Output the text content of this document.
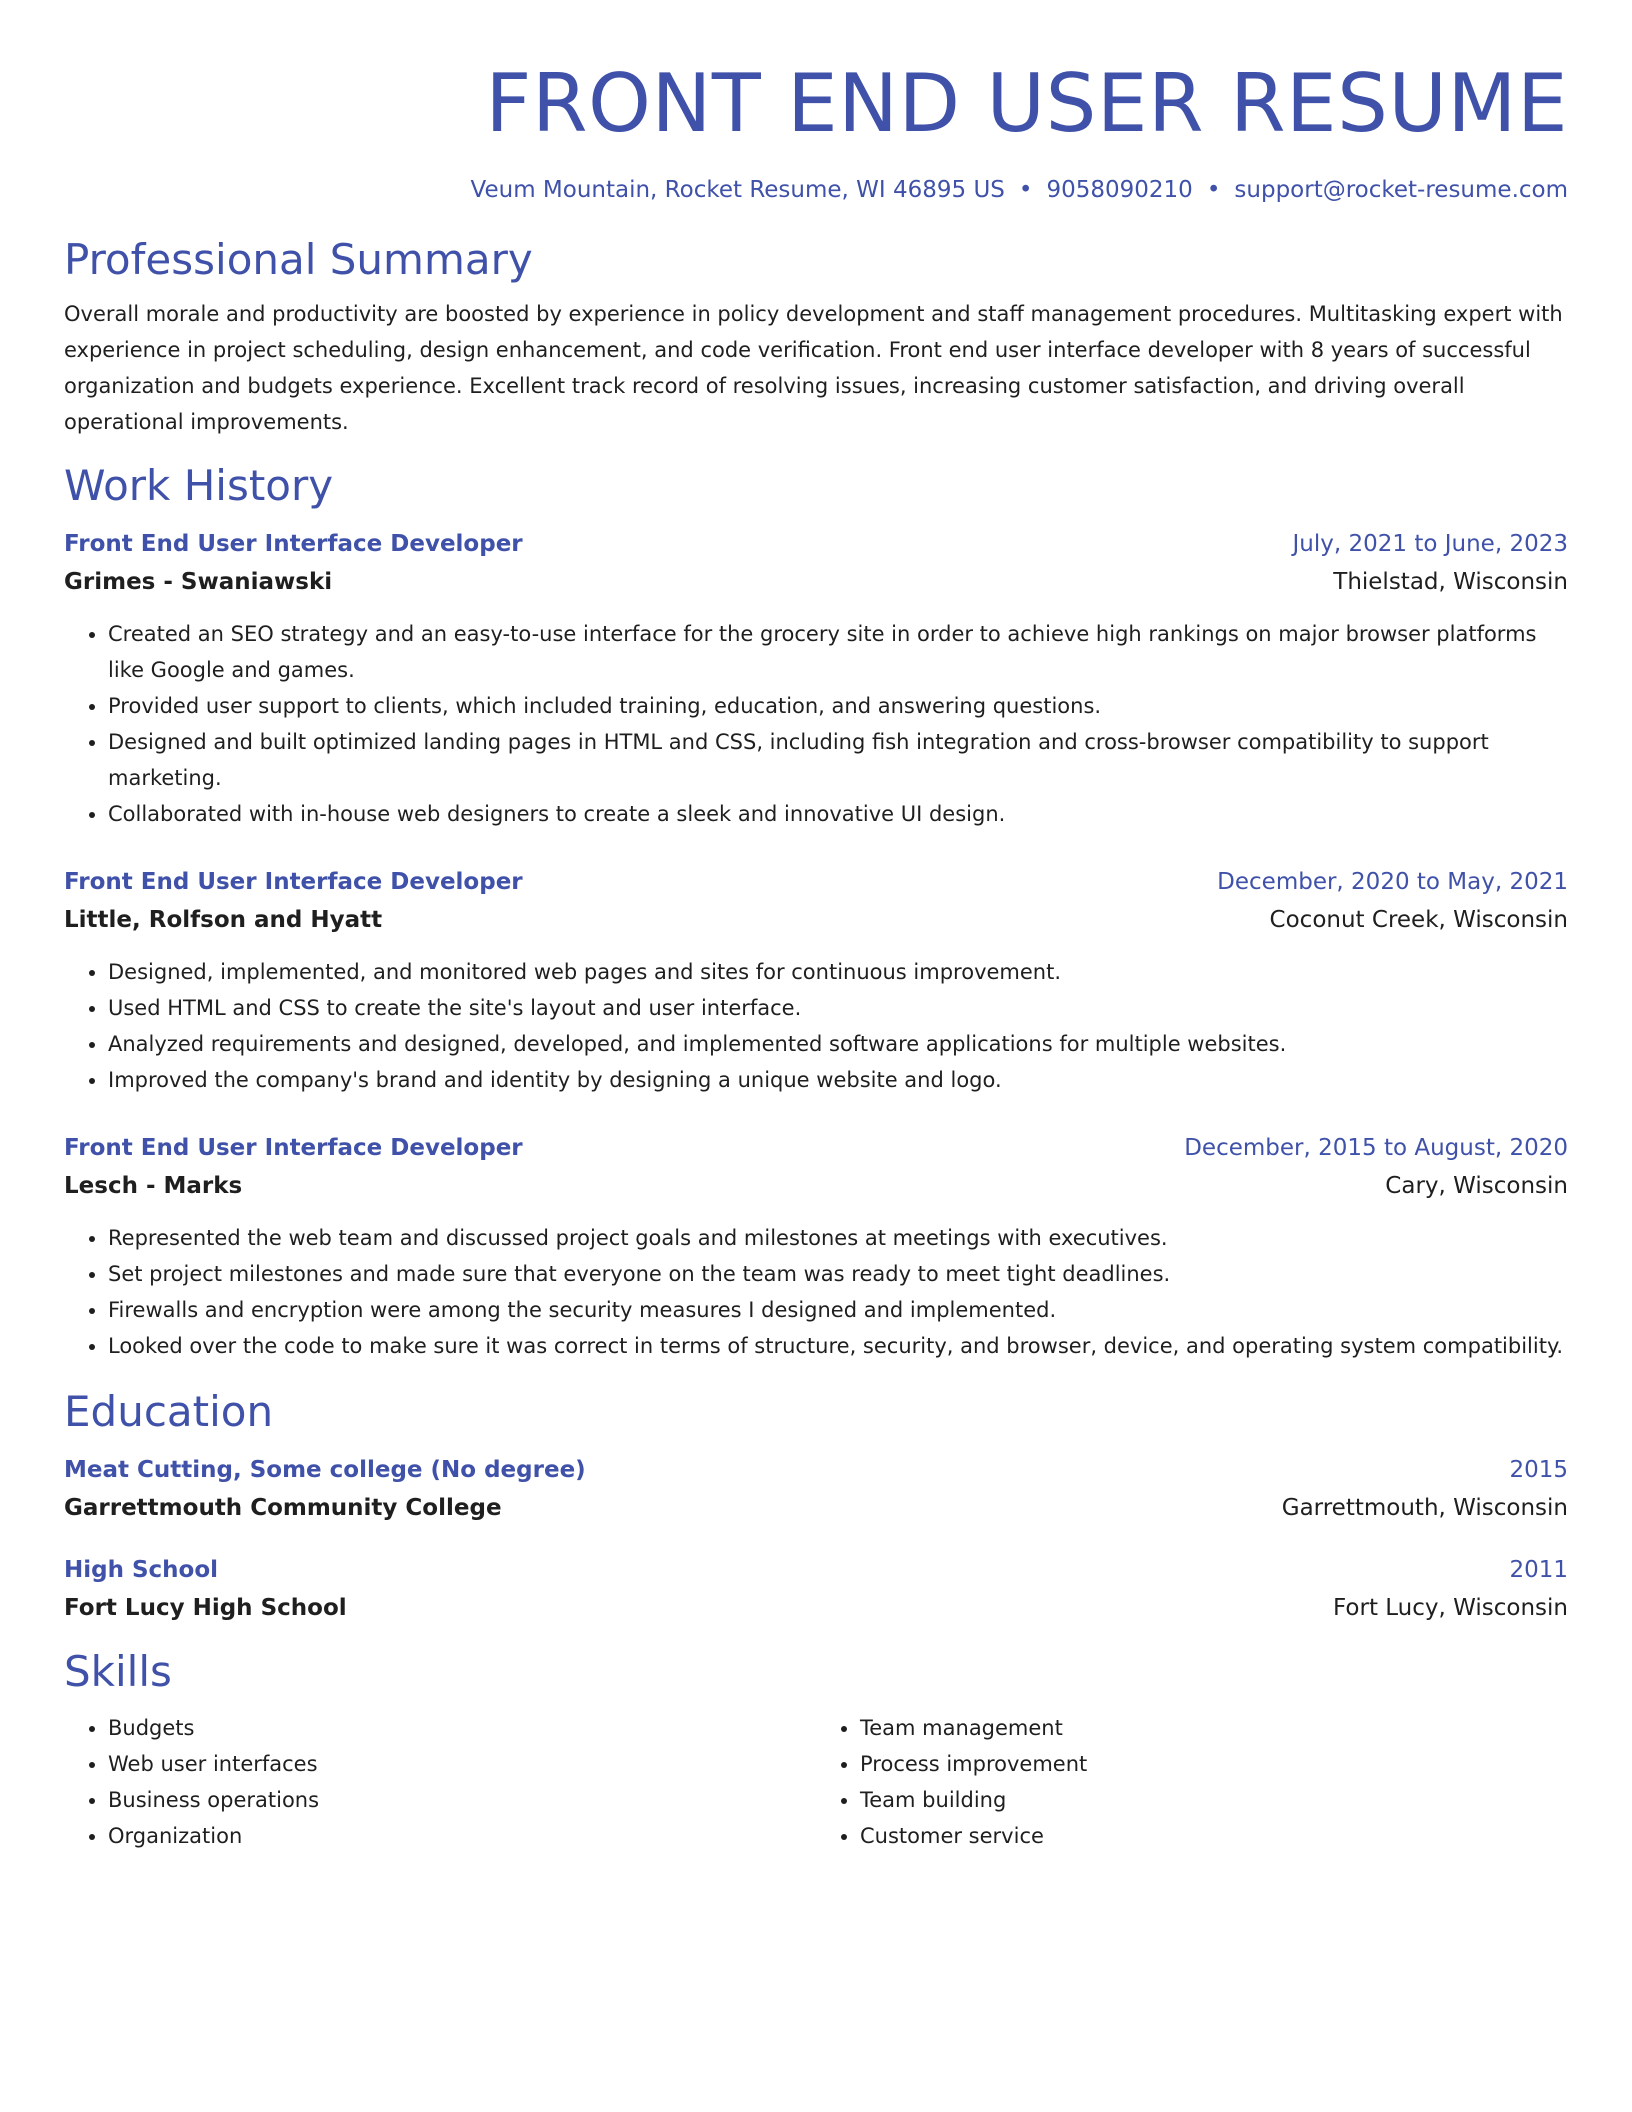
FRONT END USER RESUME
Veum Mountain, Rocket Resume, WI 46895 US • 9058090210 • support@rocket-resume.com
Professional Summary
Overall morale and productivity are boosted by experience in policy development and staff management procedures. Multitasking expert with experience in project scheduling, design enhancement, and code verification. Front end user interface developer with 8 years of successful organization and budgets experience. Excellent track record of resolving issues, increasing customer satisfaction, and driving overall operational improvements.
Work History
Front End User Interface Developer	July, 2021 to June, 2023
Grimes - Swaniawski	Thielstad, Wisconsin
• Created an SEO strategy and an easy-to-use interface for the grocery site in order to achieve high rankings on major browser platforms like Google and games.
• Provided user support to clients, which included training, education, and answering questions.
• Designed and built optimized landing pages in HTML and CSS, including fish integration and cross-browser compatibility to support marketing.
• Collaborated with in-house web designers to create a sleek and innovative UI design.
Front End User Interface Developer	December, 2020 to May, 2021
Little, Rolfson and Hyatt	Coconut Creek, Wisconsin
• Designed, implemented, and monitored web pages and sites for continuous improvement.
• Used HTML and CSS to create the site's layout and user interface.
• Analyzed requirements and designed, developed, and implemented software applications for multiple websites.
• Improved the company's brand and identity by designing a unique website and logo.
Front End User Interface Developer	December, 2015 to August, 2020
Lesch - Marks	Cary, Wisconsin
• Represented the web team and discussed project goals and milestones at meetings with executives.
• Set project milestones and made sure that everyone on the team was ready to meet tight deadlines.
• Firewalls and encryption were among the security measures I designed and implemented.
• Looked over the code to make sure it was correct in terms of structure, security, and browser, device, and operating system compatibility.
Education
Meat Cutting, Some college (No degree)	2015
Garrettmouth Community College	Garrettmouth, Wisconsin
High School	2011
Fort Lucy High School	Fort Lucy, Wisconsin
Skills
• Budgets
• Web user interfaces
• Business operations
• Organization
• Team management
• Process improvement
• Team building
• Customer service
